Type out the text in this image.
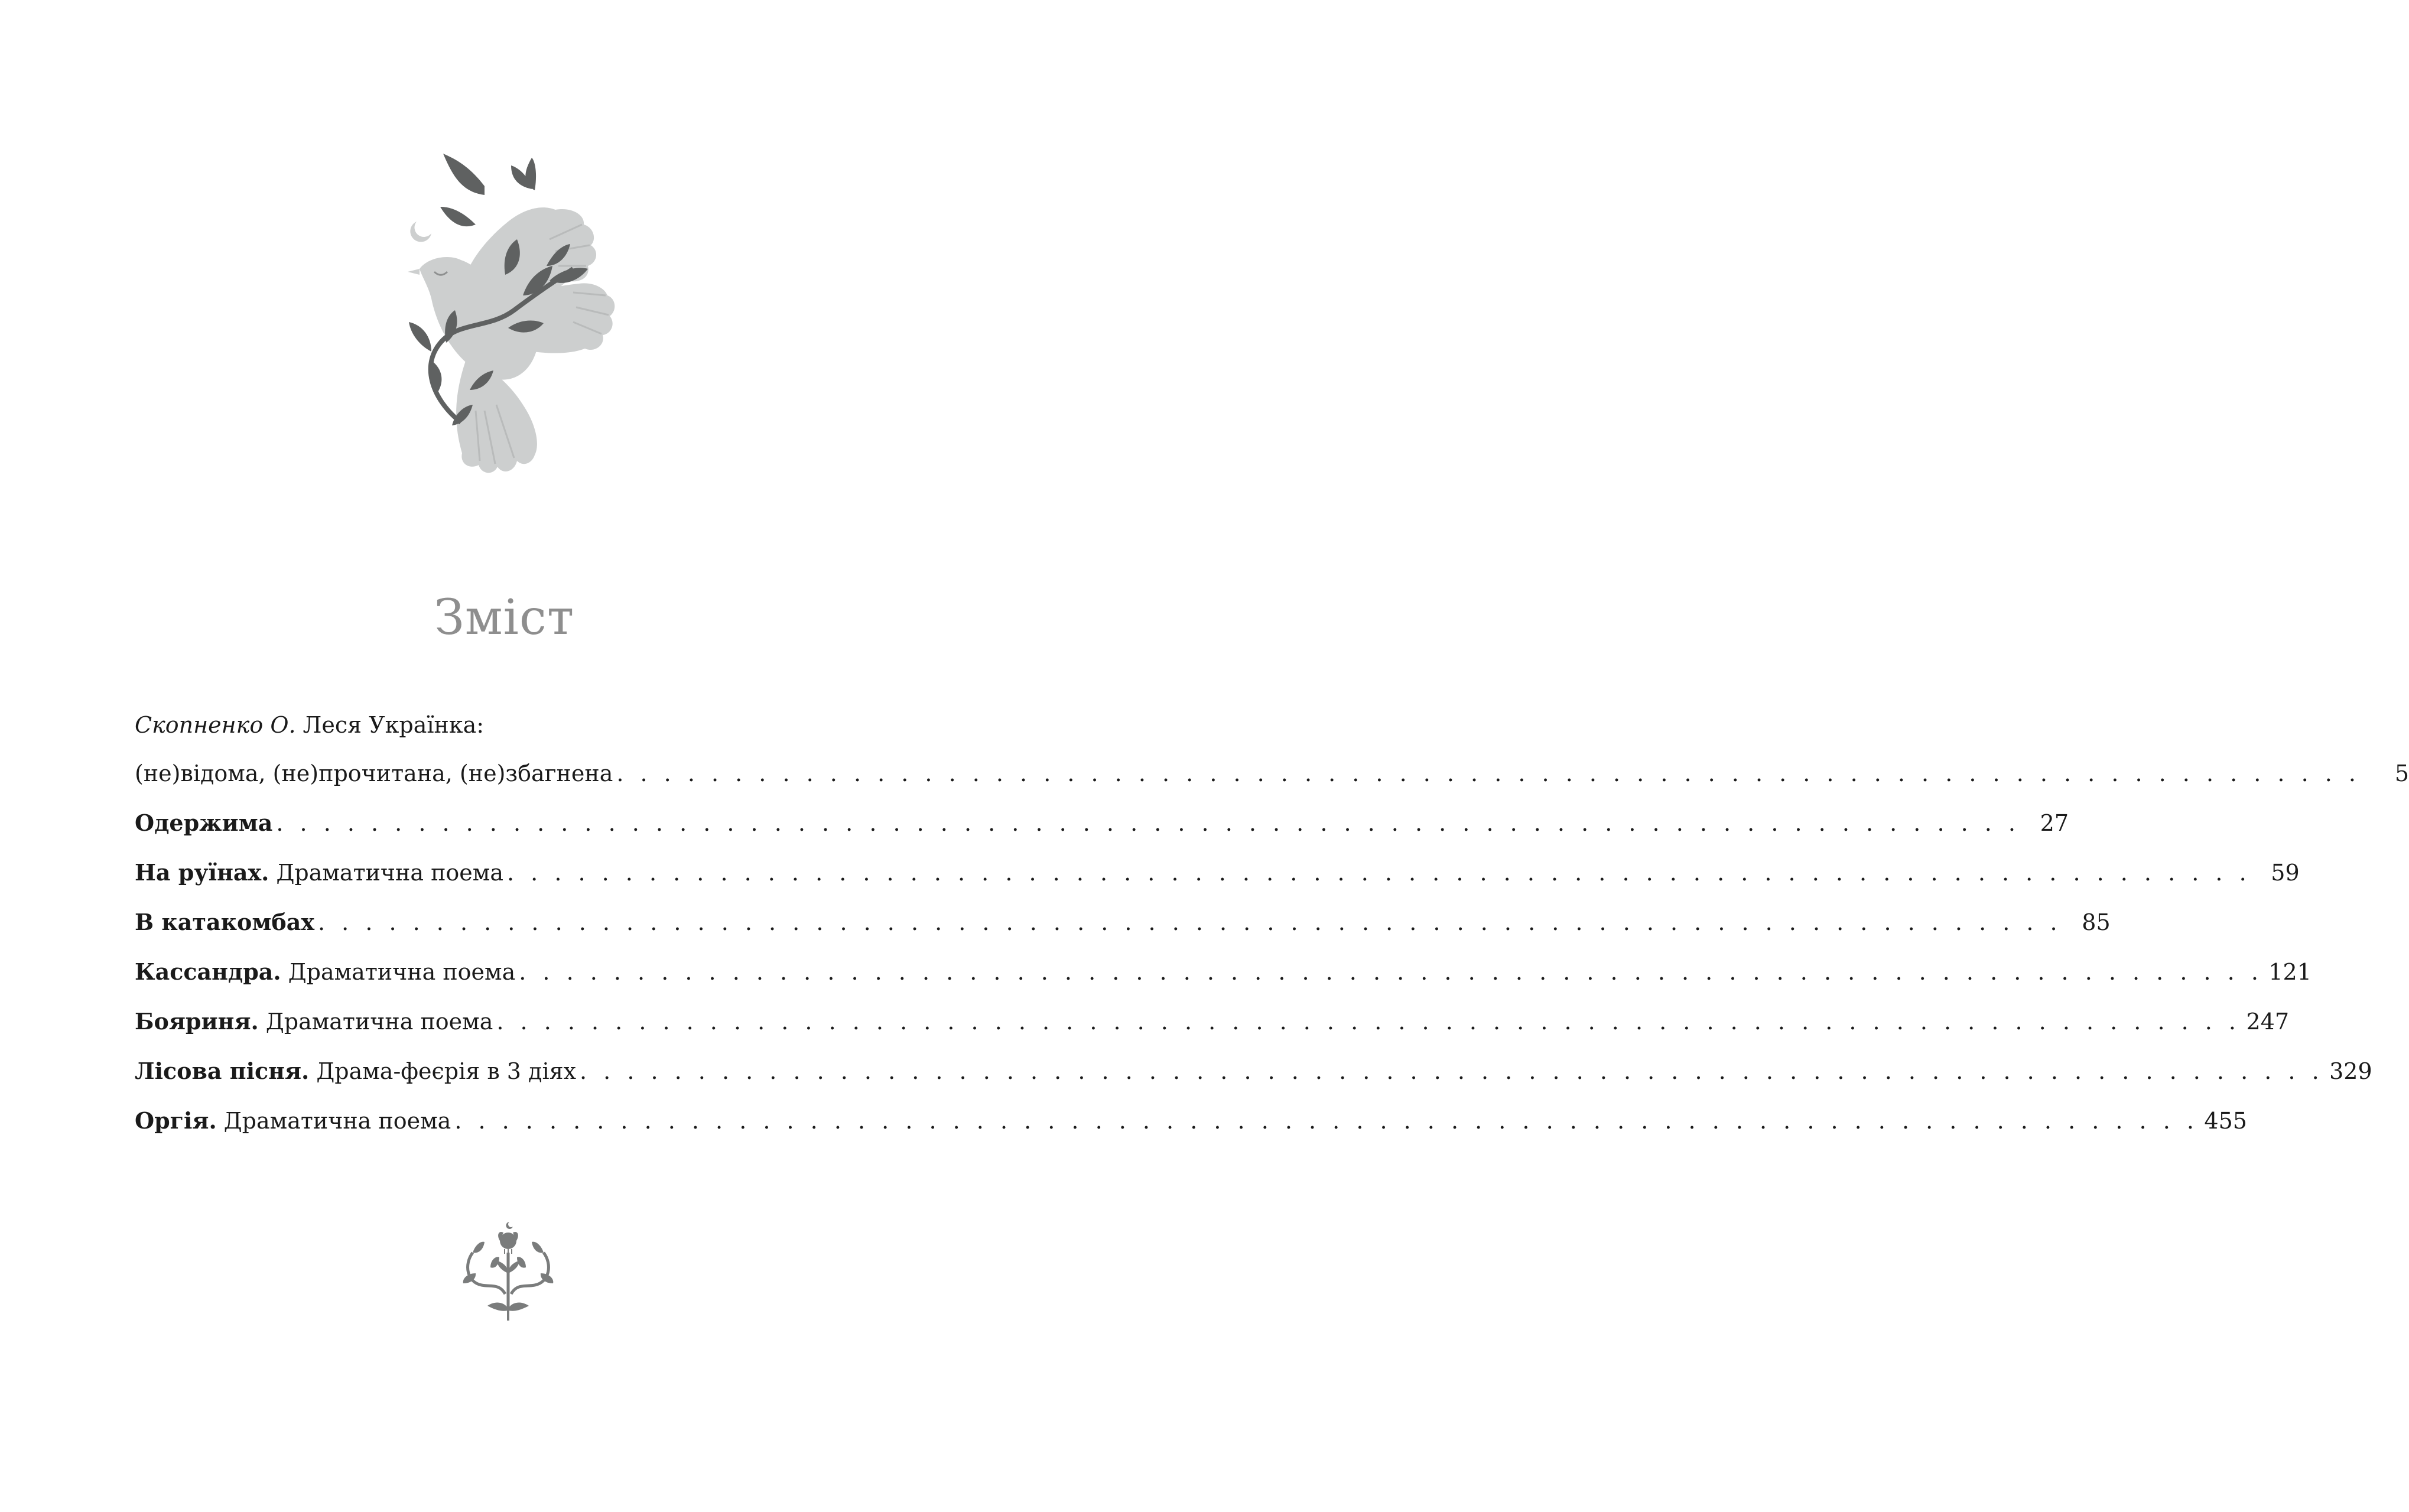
Зміст
Скопненко О. Леся Українка:
(не)відома, (не)прочитана, (не)збагнена . . . . . . . . . . . . . . . . . . . . . . . . . . . . . . . . . . . . . . . . . . . . . . . . . . . . . . . . . . . . . . . . . . . . . . . . . .	5
Одержима . . . . . . . . . . . . . . . . . . . . . . . . . . . . . . . . . . . . . . . . . . . . . . . . . . . . . . . . . . . . . . . . . . . . . . . . . . 27
На руїнах. Драматична поема . . . . . . . . . . . . . . . . . . . . . . . . . . . . . . . . . . . . . . . . . . . . . . . . . . . . . . . . . . . . . . . . . . . . . . . . . . 59
В катакомбах . . . . . . . . . . . . . . . . . . . . . . . . . . . . . . . . . . . . . . . . . . . . . . . . . . . . . . . . . . . . . . . . . . . . . . . . . . 85
Кассандра. Драматична поема . . . . . . . . . . . . . . . . . . . . . . . . . . . . . . . . . . . . . . . . . . . . . . . . . . . . . . . . . . . . . . . . . . . . . . . . . . 121
Бояриня. Драматична поема . . . . . . . . . . . . . . . . . . . . . . . . . . . . . . . . . . . . . . . . . . . . . . . . . . . . . . . . . . . . . . . . . . . . . . . . . . 247
Лісова пісня. Драма-феєрія в 3 діях . . . . . . . . . . . . . . . . . . . . . . . . . . . . . . . . . . . . . . . . . . . . . . . . . . . . . . . . . . . . . . . . . . . . . . . . . . 329
Оргія. Драматична поема . . . . . . . . . . . . . . . . . . . . . . . . . . . . . . . . . . . . . . . . . . . . . . . . . . . . . . . . . . . . . . . . . . . . . . . . . . 455
